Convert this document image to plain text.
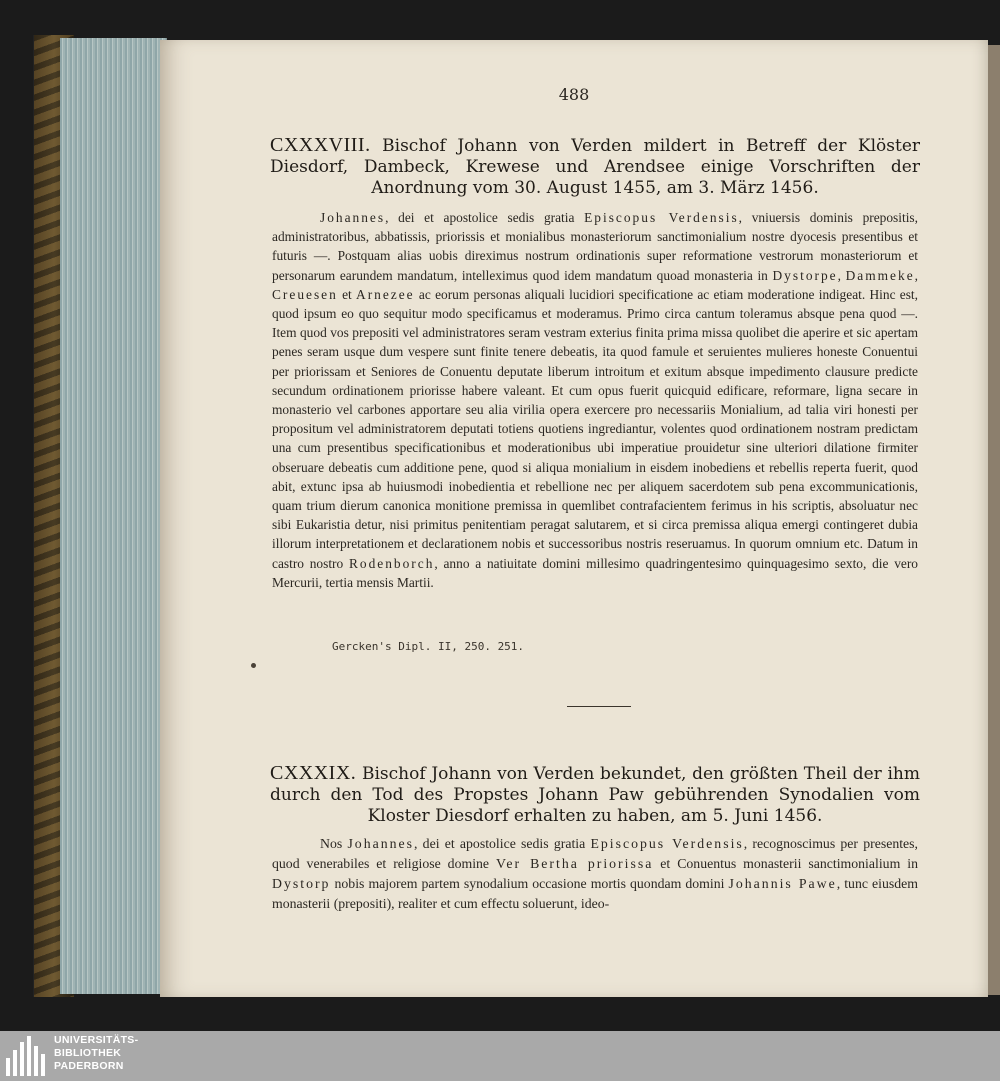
488
CXXXVIII. Bischof Johann von Verden mildert in Betreff der Klöster Diesdorf, Dambeck, Krewese und Arendsee einige Vorschriften der Anordnung vom 30. August 1455, am 3. März 1456.

Johannes, dei et apostolice sedis gratia Episcopus Verdensis, vniuersis dominis prepositis, administratoribus, abbatissis, priorissis et monialibus monasteriorum sanctimonialium nostre dyocesis presentibus et futuris —. Postquam alias uobis direximus nostrum ordinationis super reformatione vestrorum monasteriorum et personarum earundem mandatum, intelleximus quod idem mandatum quoad monasteria in Dystorpe, Dammeke, Creuesen et Arnezee ac eorum personas aliquali lucidiori specificatione ac etiam moderatione indigeat. Hinc est, quod ipsum eo quo sequitur modo specificamus et moderamus. Primo circa cantum toleramus absque pena quod —. Item quod vos prepositi vel administratores seram vestram exterius finita prima missa quolibet die aperire et sic apertam penes seram usque dum vespere sunt finite tenere debeatis, ita quod famule et seruientes mulieres honeste Conuentui per priorissam et Seniores de Conuentu deputate liberum introitum et exitum absque impedimento clausure predicte secundum ordinationem priorisse habere valeant. Et cum opus fuerit quicquid edificare, reformare, ligna secare in monasterio vel carbones apportare seu alia virilia opera exercere pro necessariis Monialium, ad talia viri honesti per propositum vel administratorem deputati totiens quotiens ingrediantur, volentes quod ordinationem nostram predictam una cum presentibus specificationibus et moderationibus ubi imperatiue prouidetur sine ulteriori dilatione firmiter obseruare debeatis cum additione pene, quod si aliqua monialium in eisdem inobediens et rebellis reperta fuerit, quod abit, extunc ipsa ab huiusmodi inobedientia et rebellione nec per aliquem sacerdotem sub pena excommunicationis, quam trium dierum canonica monitione premissa in quemlibet contrafacientem ferimus in his scriptis, absoluatur nec sibi Eukaristia detur, nisi primitus penitentiam peragat salutarem, et si circa premissa aliqua emergi contingeret dubia illorum interpretationem et declarationem nobis et successoribus nostris reseruamus. In quorum omnium etc. Datum in castro nostro Rodenborch, anno a natiuitate domini millesimo quadringentesimo quinquagesimo sexto, die vero Mercurii, tertia mensis Martii.

Gercken's Dipl. II, 250. 251.
CXXXIX. Bischof Johann von Verden bekundet, den größten Theil der ihm durch den Tod des Propstes Johann Paw gebührenden Synodalien vom Kloster Diesdorf erhalten zu haben, am 5. Juni 1456.

Nos Johannes, dei et apostolice sedis gratia Episcopus Verdensis, recognoscimus per presentes, quod venerabiles et religiose domine Ver Bertha priorissa et Conuentus monasterii sanctimonialium in Dystorp nobis majorem partem synodalium occasione mortis quondam domini Johannis Pawe, tunc eiusdem monasterii (prepositi), realiter et cum effectu soluerunt, ideo-

UNIVERSITÄTS-
BIBLIOTHEK
PADERBORN
